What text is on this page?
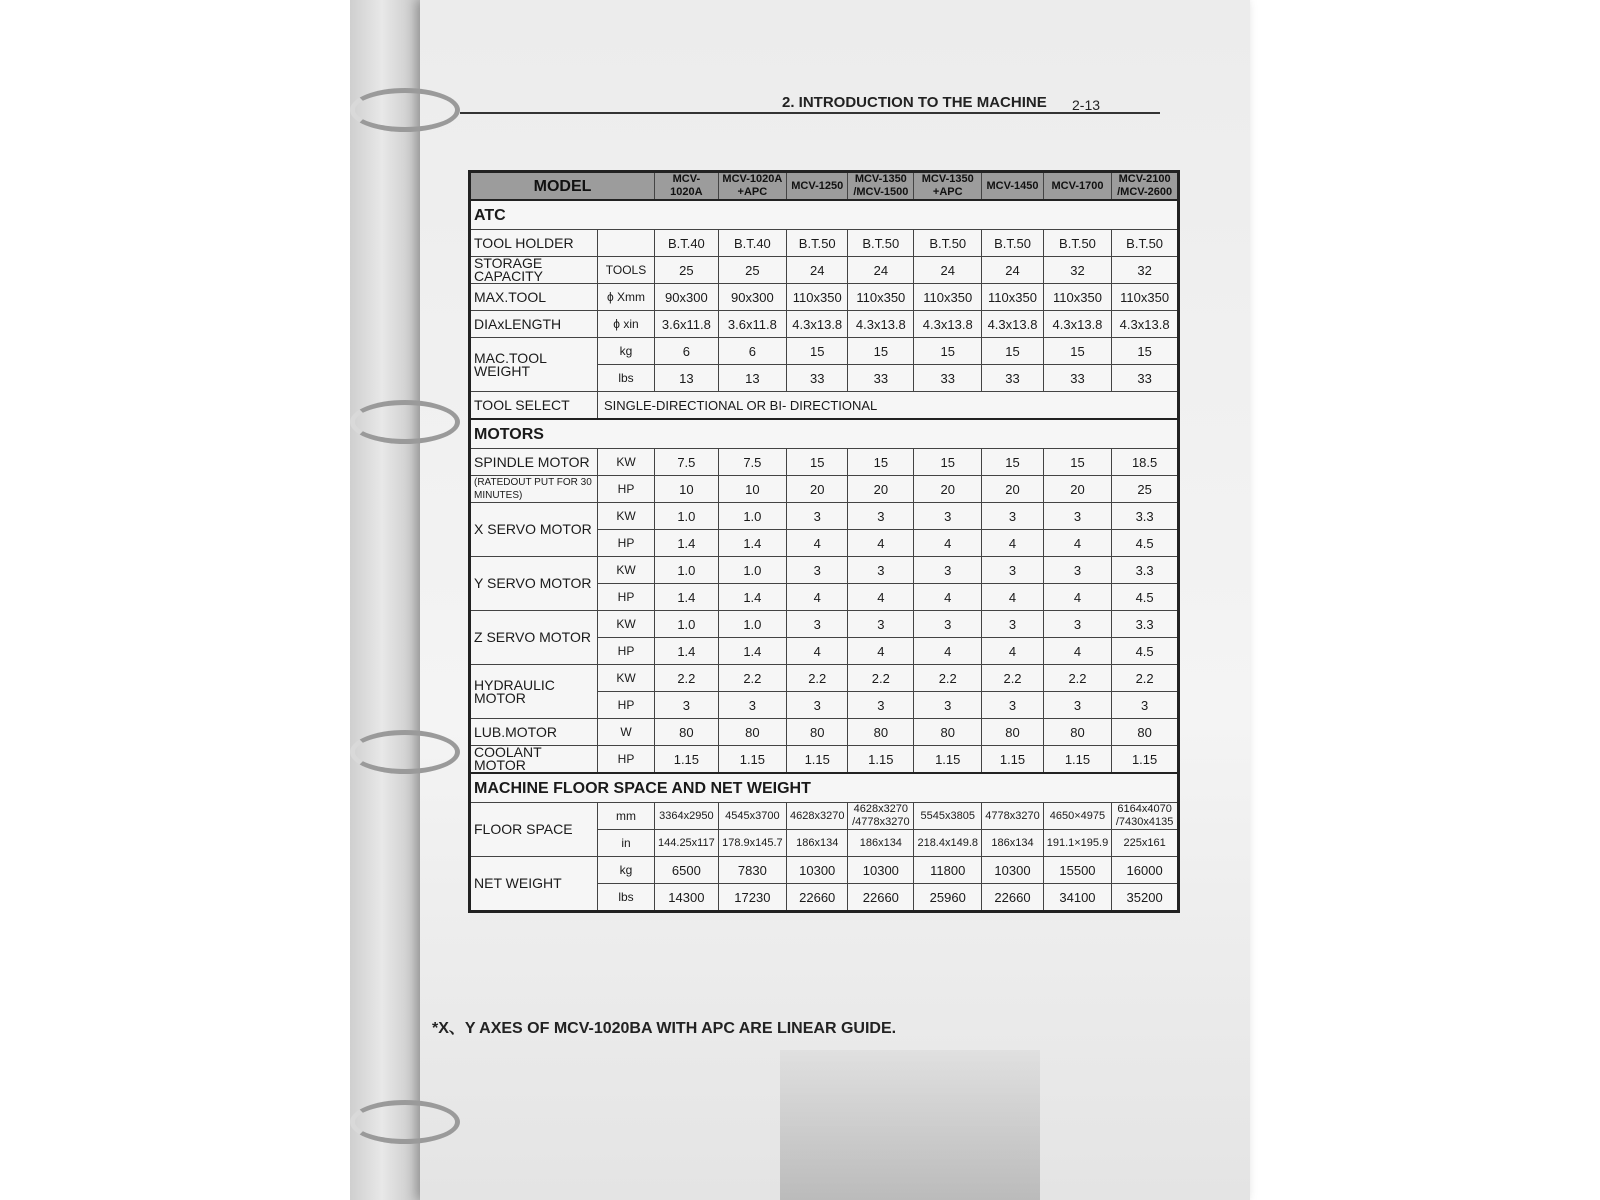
2. INTRODUCTION TO THE MACHINE 2-13
MODEL		MCV-1020A	MCV-1020A +APC	MCV-1250	MCV-1350 /MCV-1500	MCV-1350 +APC	MCV-1450	MCV-1700	MCV-2100 /MCV-2600
ATC									
TOOL HOLDER		B.T.40	B.T.40	B.T.50	B.T.50	B.T.50	B.T.50	B.T.50	B.T.50
STORAGE CAPACITY	TOOLS	25	25	24	24	24	24	32	32
MAX.TOOL	ϕ Xmm	90x300	90x300	110x350	110x350	110x350	110x350	110x350	110x350
DIAxLENGTH	ϕ xin	3.6x11.8	3.6x11.8	4.3x13.8	4.3x13.8	4.3x13.8	4.3x13.8	4.3x13.8	4.3x13.8
MAC.TOOL WEIGHT	kg	6	6	15	15	15	15	15	15
	lbs	13	13	33	33	33	33	33	33
TOOL SELECT	SINGLE-DIRECTIONAL OR BI- DIRECTIONAL								
MOTORS									
SPINDLE MOTOR	KW	7.5	7.5	15	15	15	15	15	18.5
(RATEDOUT PUT FOR 30 MINUTES)	HP	10	10	20	20	20	20	20	25
X SERVO MOTOR	KW	1.0	1.0	3	3	3	3	3	3.3
	HP	1.4	1.4	4	4	4	4	4	4.5
Y SERVO MOTOR	KW	1.0	1.0	3	3	3	3	3	3.3
	HP	1.4	1.4	4	4	4	4	4	4.5
Z SERVO MOTOR	KW	1.0	1.0	3	3	3	3	3	3.3
	HP	1.4	1.4	4	4	4	4	4	4.5
HYDRAULIC MOTOR	KW	2.2	2.2	2.2	2.2	2.2	2.2	2.2	2.2
	HP	3	3	3	3	3	3	3	3
LUB.MOTOR	W	80	80	80	80	80	80	80	80
COOLANT MOTOR	HP	1.15	1.15	1.15	1.15	1.15	1.15	1.15	1.15
MACHINE FLOOR SPACE AND NET WEIGHT									
FLOOR SPACE	mm	3364x2950	4545x3700	4628x3270	4628x3270 /4778x3270	5545x3805	4778x3270	4650×4975	6164x4070 /7430x4135
	in	144.25x117	178.9x145.7	186x134	186x134	218.4x149.8	186x134	191.1×195.9	225x161
NET WEIGHT	kg	6500	7830	10300	10300	11800	10300	15500	16000
	lbs	14300	17230	22660	22660	25960	22660	34100	35200
*X、Y AXES OF MCV-1020BA WITH APC ARE LINEAR GUIDE.
